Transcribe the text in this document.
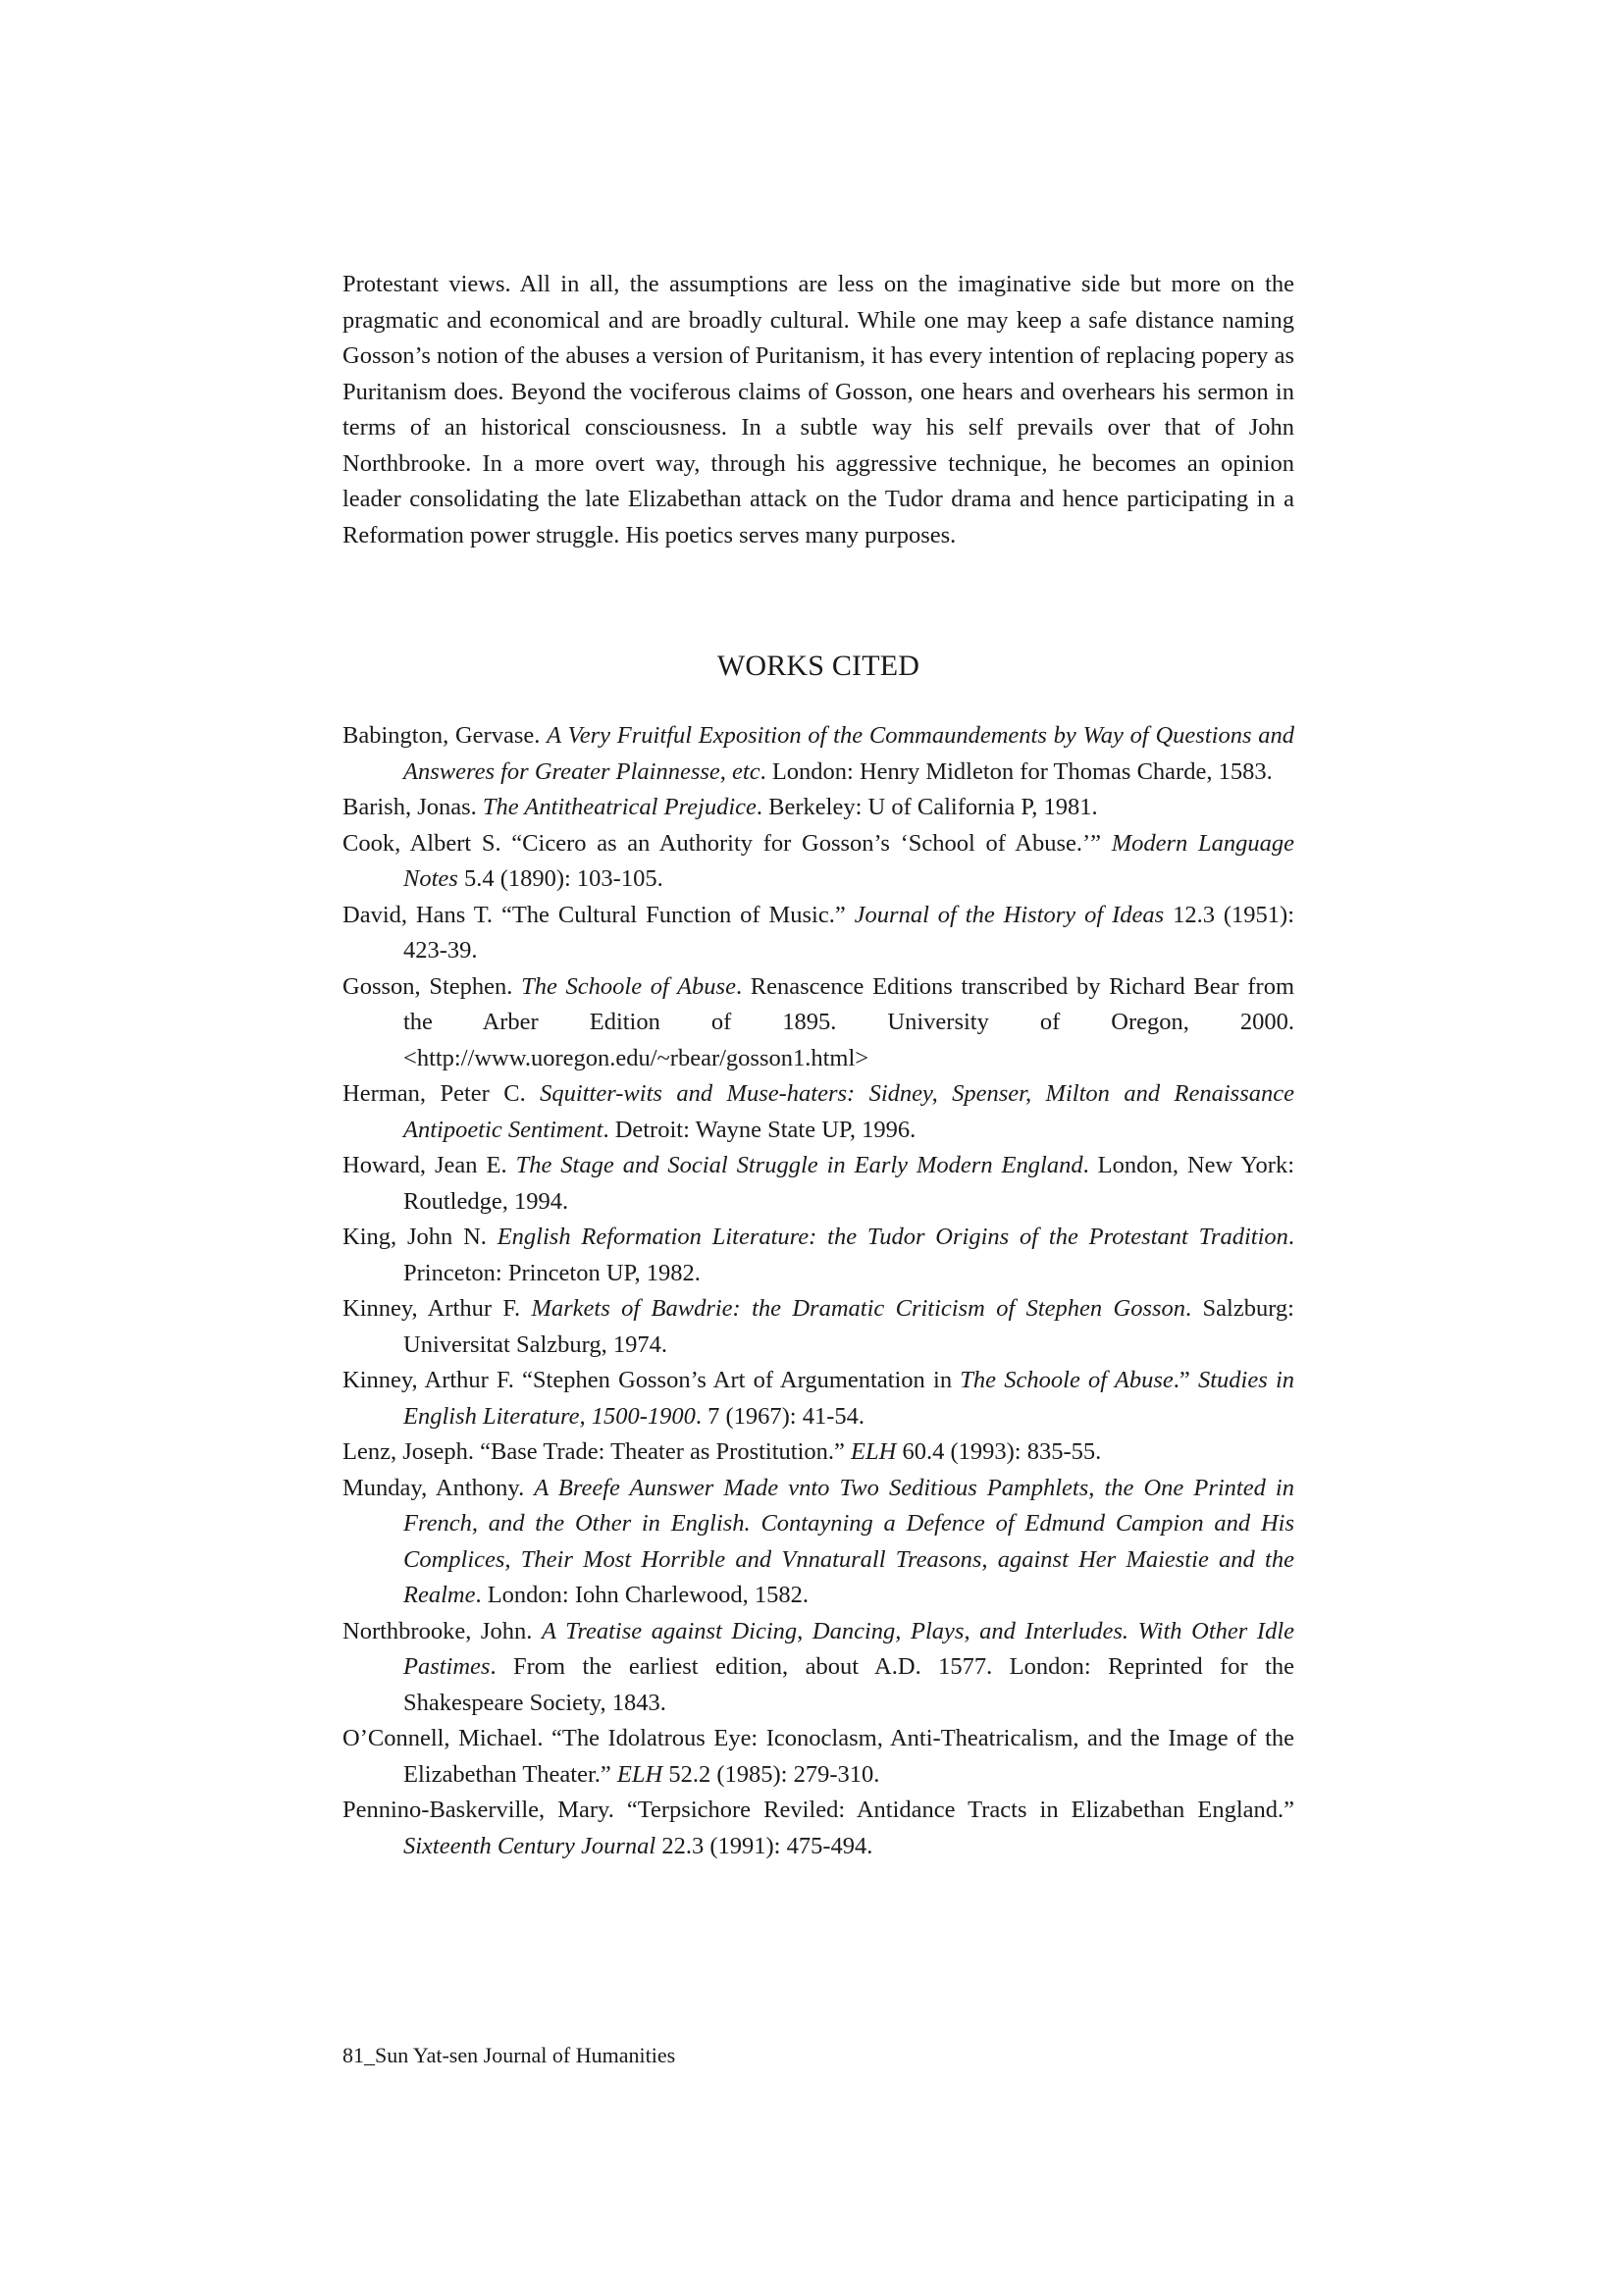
Protestant views. All in all, the assumptions are less on the imaginative side but more on the pragmatic and economical and are broadly cultural. While one may keep a safe distance naming Gosson’s notion of the abuses a version of Puritanism, it has every intention of replacing popery as Puritanism does. Beyond the vociferous claims of Gosson, one hears and overhears his sermon in terms of an historical consciousness. In a subtle way his self prevails over that of John Northbrooke. In a more overt way, through his aggressive technique, he becomes an opinion leader consolidating the late Elizabethan attack on the Tudor drama and hence participating in a Reformation power struggle. His poetics serves many purposes.

WORKS CITED
Babington, Gervase. A Very Fruitful Exposition of the Commaundements by Way of Questions and Answeres for Greater Plainnesse, etc. London: Henry Midleton for Thomas Charde, 1583.
Barish, Jonas. The Antitheatrical Prejudice. Berkeley: U of California P, 1981.
Cook, Albert S. “Cicero as an Authority for Gosson’s ‘School of Abuse.’” Modern Language Notes 5.4 (1890): 103-105.
David, Hans T. “The Cultural Function of Music.” Journal of the History of Ideas 12.3 (1951): 423-39.
Gosson, Stephen. The Schoole of Abuse. Renascence Editions transcribed by Richard Bear from the Arber Edition of 1895. University of Oregon, 2000. <http://www.uoregon.edu/~rbear/gosson1.html>
Herman, Peter C. Squitter-wits and Muse-haters: Sidney, Spenser, Milton and Renaissance Antipoetic Sentiment. Detroit: Wayne State UP, 1996.
Howard, Jean E. The Stage and Social Struggle in Early Modern England. London, New York: Routledge, 1994.
King, John N. English Reformation Literature: the Tudor Origins of the Protestant Tradition. Princeton: Princeton UP, 1982.
Kinney, Arthur F. Markets of Bawdrie: the Dramatic Criticism of Stephen Gosson. Salzburg: Universitat Salzburg, 1974.
Kinney, Arthur F. “Stephen Gosson’s Art of Argumentation in The Schoole of Abuse.” Studies in English Literature, 1500-1900. 7 (1967): 41-54.
Lenz, Joseph. “Base Trade: Theater as Prostitution.” ELH 60.4 (1993): 835-55.
Munday, Anthony. A Breefe Aunswer Made vnto Two Seditious Pamphlets, the One Printed in French, and the Other in English. Contayning a Defence of Edmund Campion and His Complices, Their Most Horrible and Vnnaturall Treasons, against Her Maiestie and the Realme. London: Iohn Charlewood, 1582.
Northbrooke, John. A Treatise against Dicing, Dancing, Plays, and Interludes. With Other Idle Pastimes. From the earliest edition, about A.D. 1577. London: Reprinted for the Shakespeare Society, 1843.
O’Connell, Michael. “The Idolatrous Eye: Iconoclasm, Anti-Theatricalism, and the Image of the Elizabethan Theater.” ELH 52.2 (1985): 279-310.
Pennino-Baskerville, Mary. “Terpsichore Reviled: Antidance Tracts in Elizabethan England.” Sixteenth Century Journal 22.3 (1991): 475-494.
81_Sun Yat-sen Journal of Humanities
